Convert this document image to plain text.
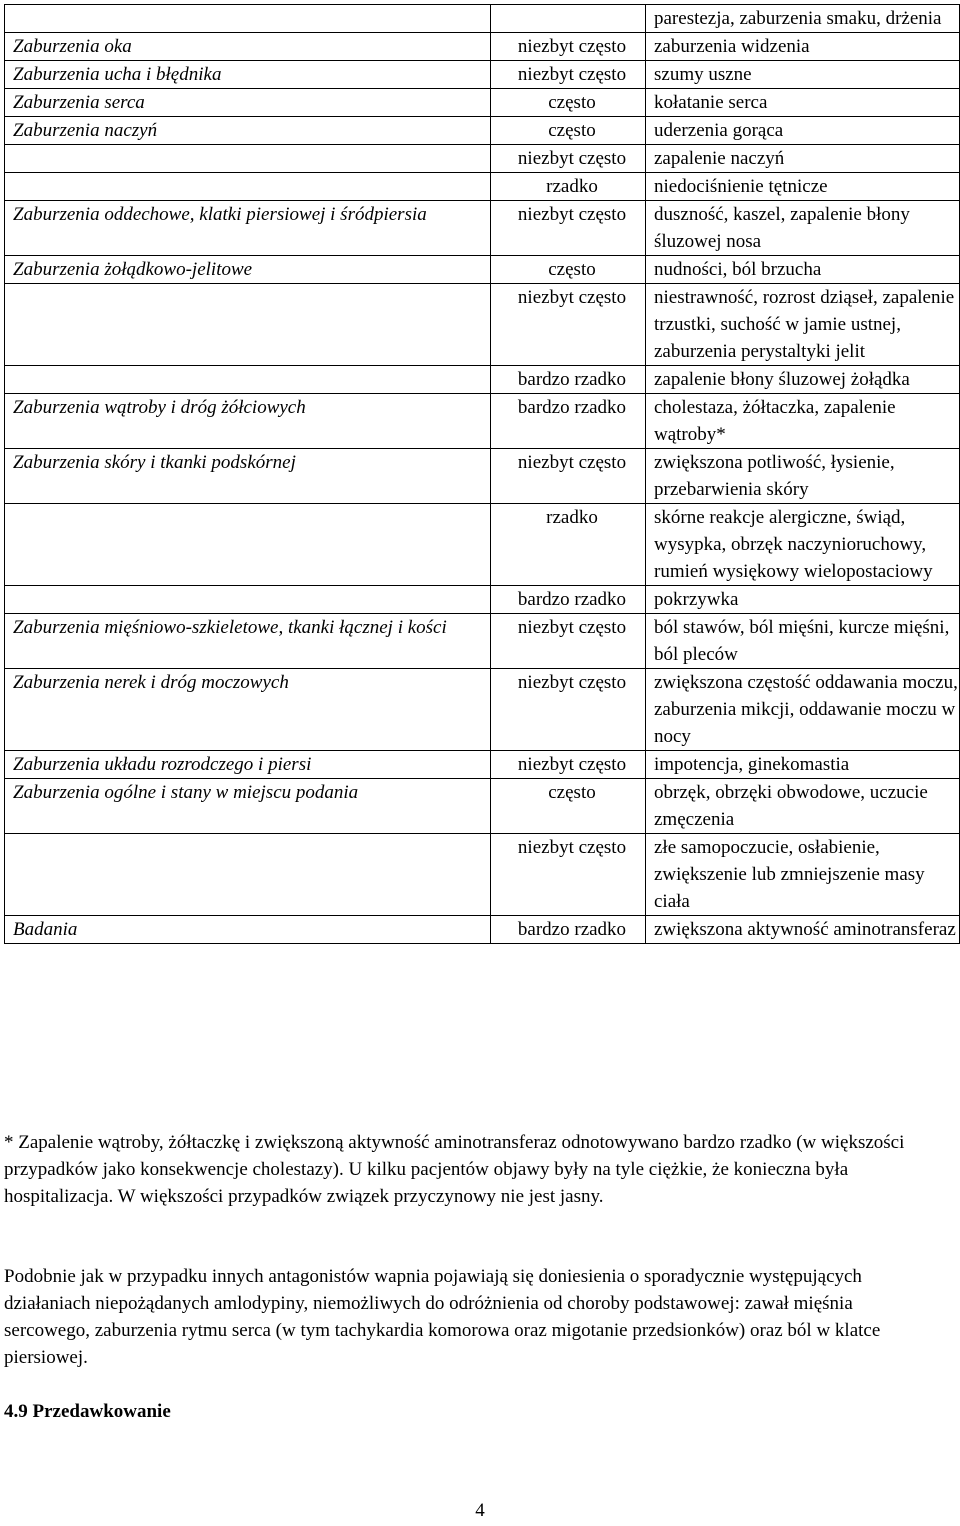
		parestezja, zaburzenia smaku, drżenia
Zaburzenia oka	niezbyt często	zaburzenia widzenia
Zaburzenia ucha i błędnika	niezbyt często	szumy uszne
Zaburzenia serca	często	kołatanie serca
Zaburzenia naczyń	często	uderzenia gorąca
	niezbyt często	zapalenie naczyń
	rzadko	niedociśnienie tętnicze
Zaburzenia oddechowe, klatki piersiowej i śródpiersia	niezbyt często	duszność, kaszel, zapalenie błony śluzowej nosa
Zaburzenia żołądkowo-jelitowe	często	nudności, ból brzucha
	niezbyt często	niestrawność, rozrost dziąseł, zapalenie trzustki, suchość w jamie ustnej, zaburzenia perystaltyki jelit
	bardzo rzadko	zapalenie błony śluzowej żołądka
Zaburzenia wątroby i dróg żółciowych	bardzo rzadko	cholestaza, żółtaczka, zapalenie wątroby*
Zaburzenia skóry i tkanki podskórnej	niezbyt często	zwiększona potliwość, łysienie, przebarwienia skóry
	rzadko	skórne reakcje alergiczne, świąd, wysypka, obrzęk naczynioruchowy, rumień wysiękowy wielopostaciowy
	bardzo rzadko	pokrzywka
Zaburzenia mięśniowo-szkieletowe, tkanki łącznej i kości	niezbyt często	ból stawów, ból mięśni, kurcze mięśni, ból pleców
Zaburzenia nerek i dróg moczowych	niezbyt często	zwiększona częstość oddawania moczu, zaburzenia mikcji, oddawanie moczu w nocy
Zaburzenia układu rozrodczego i piersi	niezbyt często	impotencja, ginekomastia
Zaburzenia ogólne i stany w miejscu podania	często	obrzęk, obrzęki obwodowe, uczucie zmęczenia
	niezbyt często	złe samopoczucie, osłabienie, zwiększenie lub zmniejszenie masy ciała
Badania	bardzo rzadko	zwiększona aktywność aminotransferaz
* Zapalenie wątroby, żółtaczkę i zwiększoną aktywność aminotransferaz odnotowywano bardzo rzadko (w większości przypadków jako konsekwencje cholestazy). U kilku pacjentów objawy były na tyle ciężkie, że konieczna była hospitalizacja. W większości przypadków związek przyczynowy nie jest jasny.
Podobnie jak w przypadku innych antagonistów wapnia pojawiają się doniesienia o sporadycznie występujących działaniach niepożądanych amlodypiny, niemożliwych do odróżnienia od choroby podstawowej: zawał mięśnia sercowego, zaburzenia rytmu serca (w tym tachykardia komorowa oraz migotanie przedsionków) oraz ból w klatce piersiowej.
4.9 Przedawkowanie
4
